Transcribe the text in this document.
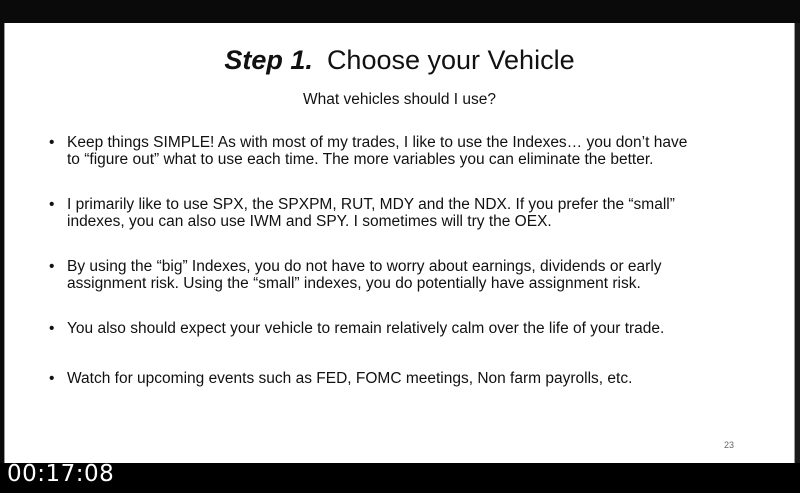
Step 1. Choose your Vehicle
What vehicles should I use?
• Keep things SIMPLE! As with most of my trades, I like to use the Indexes… you don’t have
to “figure out” what to use each time. The more variables you can eliminate the better.
• I primarily like to use SPX, the SPXPM, RUT, MDY and the NDX. If you prefer the “small”
indexes, you can also use IWM and SPY. I sometimes will try the OEX.
• By using the “big” Indexes, you do not have to worry about earnings, dividends or early
assignment risk. Using the “small” indexes, you do potentially have assignment risk.
• You also should expect your vehicle to remain relatively calm over the life of your trade.
• Watch for upcoming events such as FED, FOMC meetings, Non farm payrolls, etc.
23
00:17:08
